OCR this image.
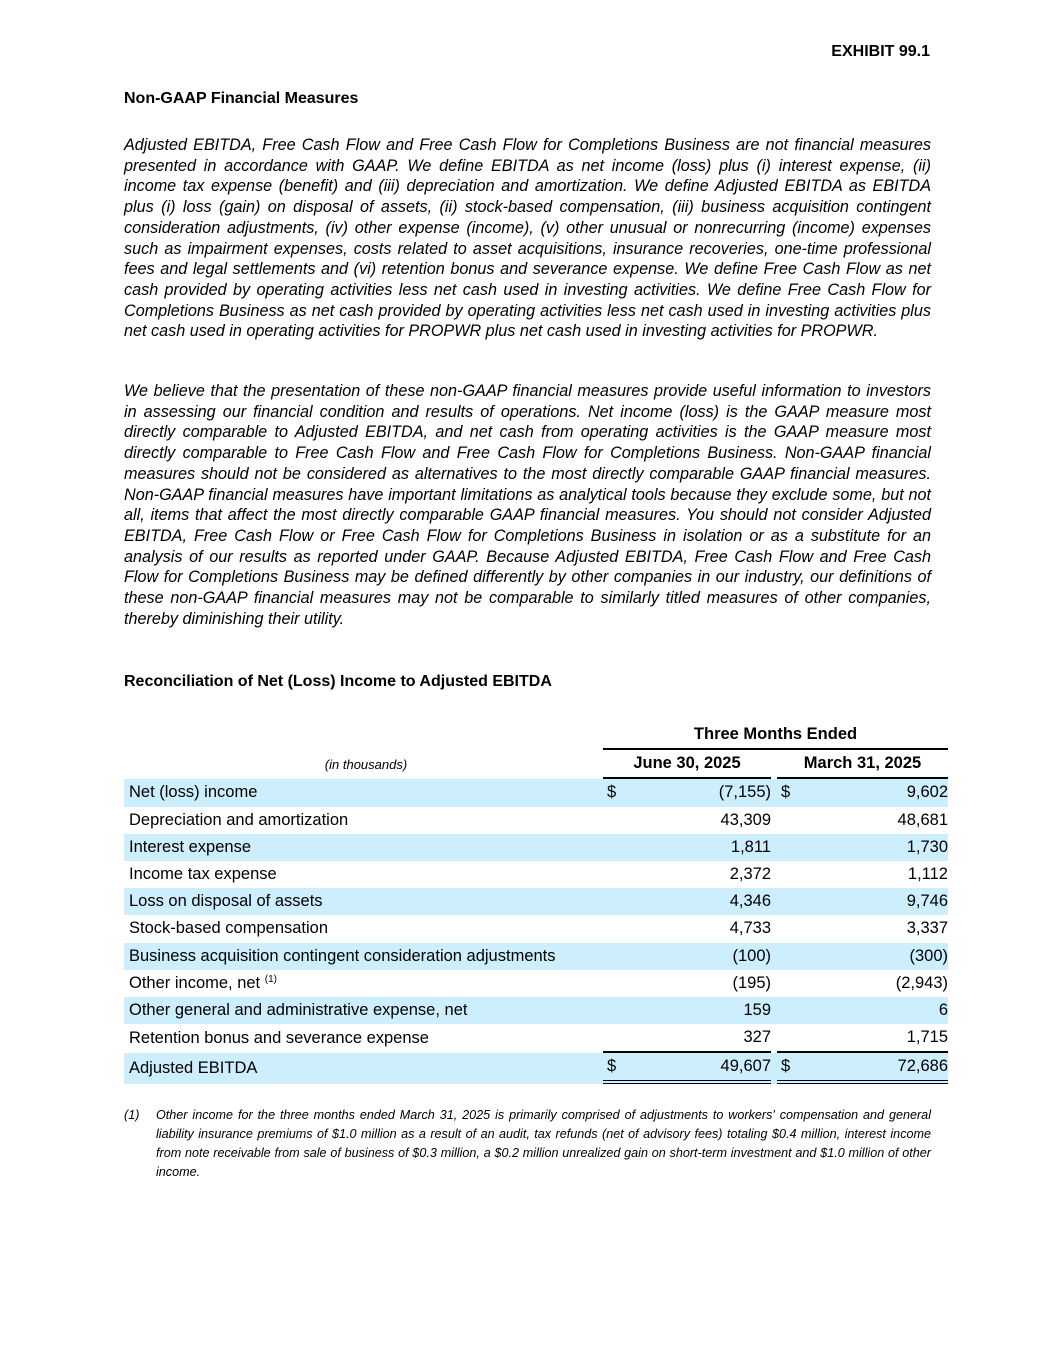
EXHIBIT 99.1
Non-GAAP Financial Measures

Adjusted EBITDA, Free Cash Flow and Free Cash Flow for Completions Business are not financial measures presented in accordance with GAAP. We define EBITDA as net income (loss) plus (i) interest expense, (ii) income tax expense (benefit) and (iii) depreciation and amortization. We define Adjusted EBITDA as EBITDA plus (i) loss (gain) on disposal of assets, (ii) stock-based compensation, (iii) business acquisition contingent consideration adjustments, (iv) other expense (income), (v) other unusual or nonrecurring (income) expenses such as impairment expenses, costs related to asset acquisitions, insurance recoveries, one-time professional fees and legal settlements and (vi) retention bonus and severance expense. We define Free Cash Flow as net cash provided by operating activities less net cash used in investing activities. We define Free Cash Flow for Completions Business as net cash provided by operating activities less net cash used in investing activities plus net cash used in operating activities for PROPWR plus net cash used in investing activities for PROPWR.

We believe that the presentation of these non-GAAP financial measures provide useful information to investors in assessing our financial condition and results of operations. Net income (loss) is the GAAP measure most directly comparable to Adjusted EBITDA, and net cash from operating activities is the GAAP measure most directly comparable to Free Cash Flow and Free Cash Flow for Completions Business. Non-GAAP financial measures should not be considered as alternatives to the most directly comparable GAAP financial measures. Non-GAAP financial measures have important limitations as analytical tools because they exclude some, but not all, items that affect the most directly comparable GAAP financial measures. You should not consider Adjusted EBITDA, Free Cash Flow or Free Cash Flow for Completions Business in isolation or as a substitute for an analysis of our results as reported under GAAP. Because Adjusted EBITDA, Free Cash Flow and Free Cash Flow for Completions Business may be defined differently by other companies in our industry, our definitions of these non-GAAP financial measures may not be comparable to similarly titled measures of other companies, thereby diminishing their utility.

Reconciliation of Net (Loss) Income to Adjusted EBITDA
	Three Months Ended				
(in thousands)	June 30, 2025			March 31, 2025	
Net (loss) income	$	(7,155)		$	9,602
Depreciation and amortization		43,309			48,681
Interest expense		1,811			1,730
Income tax expense		2,372			1,112
Loss on disposal of assets		4,346			9,746
Stock-based compensation		4,733			3,337
Business acquisition contingent consideration adjustments		(100)			(300)
Other income, net $^{(1)}$		(195)			(2,943)
Other general and administrative expense, net		159			6
Retention bonus and severance expense		327			1,715
Adjusted EBITDA	$	49,607		$	72,686
(1)	Other income for the three months ended March 31, 2025 is primarily comprised of adjustments to workers' compensation and general liability insurance premiums of $1.0 million as a result of an audit, tax refunds (net of advisory fees) totaling $0.4 million, interest income from note receivable from sale of business of $0.3 million, a $0.2 million unrealized gain on short-term investment and $1.0 million of other income.
